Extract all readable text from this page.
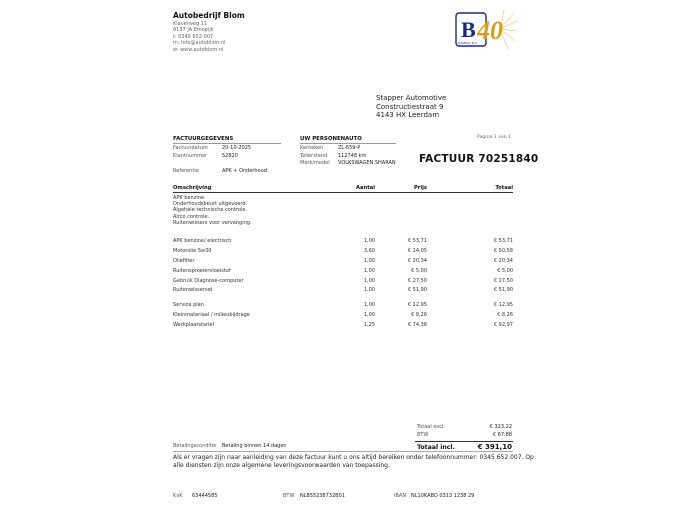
Autobedrijf Blom
Klaverweg 11
4137 JA Emopijk
t: 0345 652 007
m: info@autoblom.nl
w: www.autoblom.nl
B 40
AutoBlom B.V.
Stapper Automotive
Constructiestraat 9
4143 HX Leerdam
Pagina 1 van 1
FACTUURGEGEVENS
Factuurdatum	20-10-2025
Klantnummer	52820
Referentie	APK + Onderhoud
UW PERSONENAUTO
Kenteken	ZL-659-P
Tellerstand 112748 km
Merk/model VOLKSWAGEN SHARAN FACTUUR 70251840
Omschrijving	Aantal	Prijs	Totaal
APK benzine.
Onderhoudsbeurt uitgevoerd.
Algehele technische controle.
Airco controle.
Ruitenwissers voor vervanging.
APK benzine/ electrisch	1,00	€ 53,71	€ 53,71
Motorolie 5w30	3,60	€ 14,05	€ 50,58
Oliefilter	1,00	€ 20,34	€ 20,34
Ruitensproeiervloeistof	1,00	€ 5,00	€ 5,00
Gebruik Diagnose-computer	1,00	€ 27,50	€ 27,50
Ruitenwisserset	1,00	€ 51,90	€ 51,90
Service plan	1,00	€ 12,95	€ 12,95
Kleinmateriaal / milieubijdrage	1,00	€ 8,26	€ 8,26
Werkplaatstarief	1,25	€ 74,38	€ 92,97
Totaal excl.	€ 323,22
BTW	€ 67,88
Totaal incl.	€ 391,10
Betalingsconditie Betaling binnen 14 dagen
Als er vragen zijn naar aanleiding van deze factuur kunt u ons altijd bereiken onder telefoonnummer: 0345 652 007. Op
alle diensten zijn onze algemene leveringsvoorwaarden van toepassing.
KvK 63444585	BTW NL855238732B01	IBAN NL10KABO 0313 1238 29
